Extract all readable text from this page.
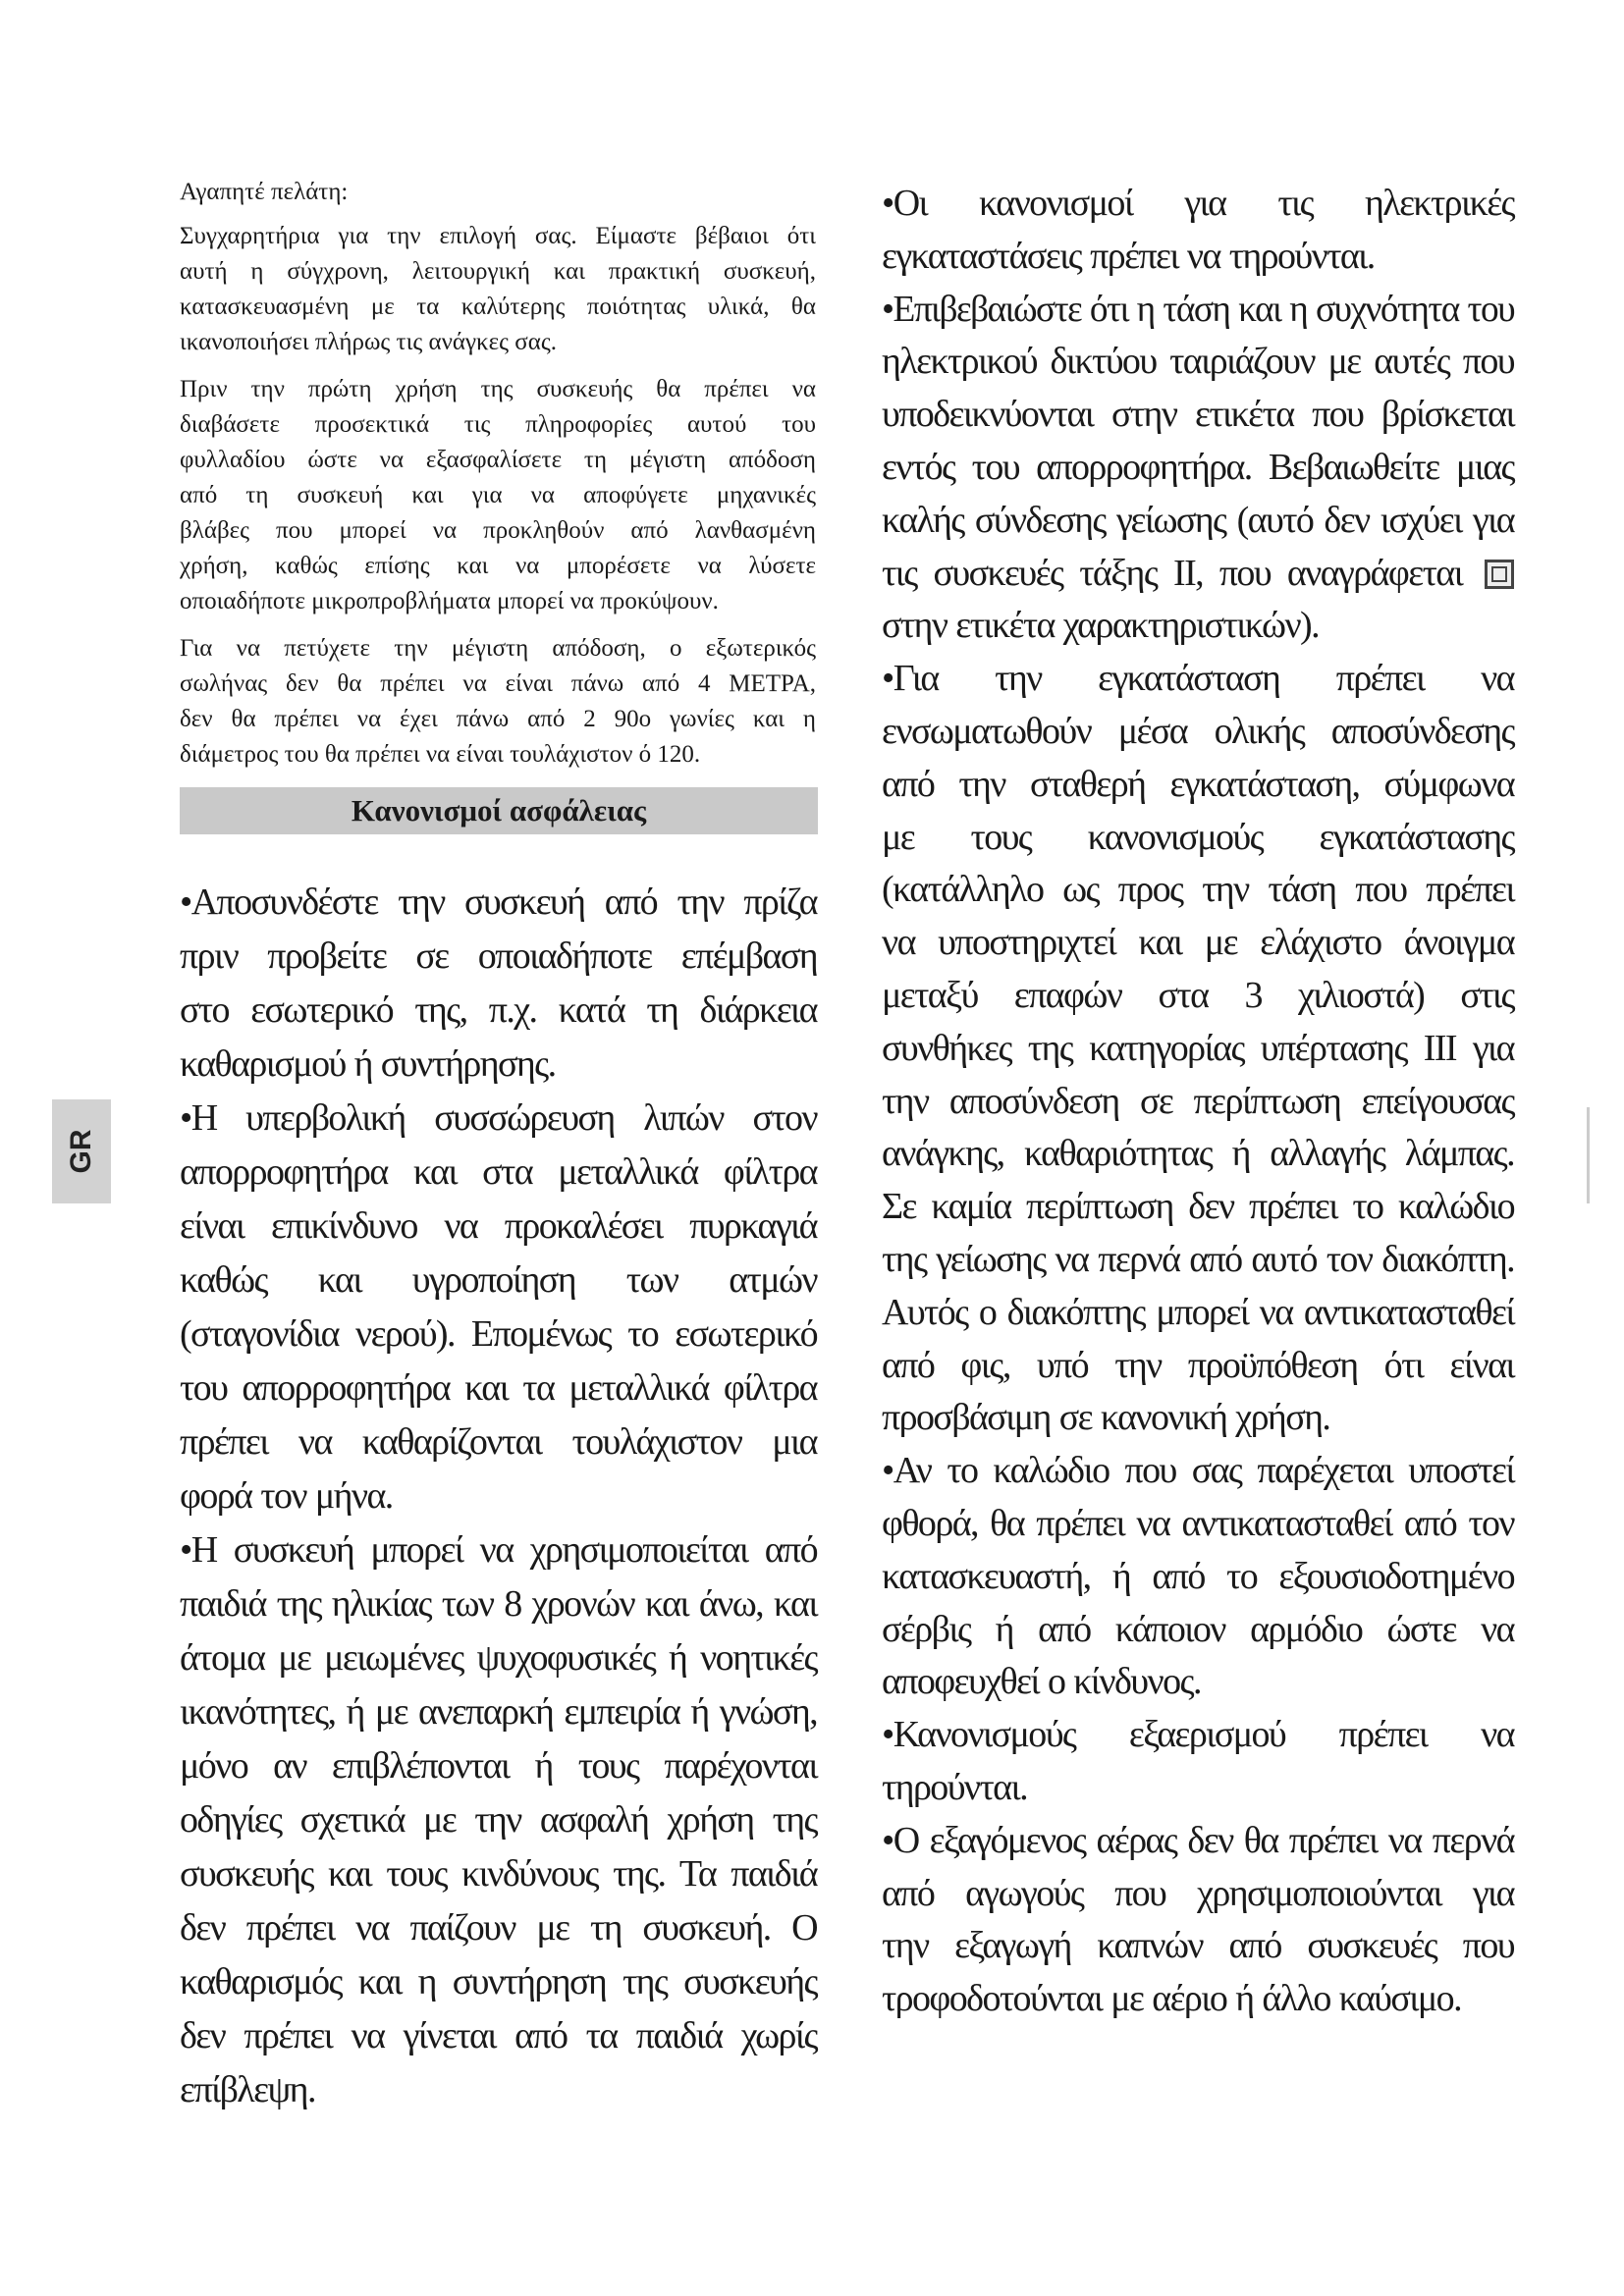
Αγαπητέ πελάτη:

Συγχαρητήρια για την επιλογή σας. Είμαστε βέβαιοι ότι
αυτή η σύγχρονη, λειτουργική και πρακτική συσκευή,
κατασκευασμένη με τα καλύτερης ποιότητας υλικά, θα
ικανοποιήσει πλήρως τις ανάγκες σας.

Πριν την πρώτη χρήση της συσκευής θα πρέπει να
διαβάσετε προσεκτικά τις πληροφορίες αυτού του
φυλλαδίου ώστε να εξασφαλίσετε τη μέγιστη απόδοση
από τη συσκευή και για να αποφύγετε μηχανικές
βλάβες που μπορεί να προκληθούν από λανθασμένη
χρήση, καθώς επίσης και να μπορέσετε να λύσετε
οποιαδήποτε μικροπροβλήματα μπορεί να προκύψουν.

Για να πετύχετε την μέγιστη απόδοση, ο εξωτερικός
σωλήνας δεν θα πρέπει να είναι πάνω από 4 ΜΕΤΡΑ,
δεν θα πρέπει να έχει πάνω από 2 90ο γωνίες και η
διάμετρος του θα πρέπει να είναι τουλάχιστον ό 120.

Κανονισμοί ασφάλειας
•Αποσυνδέστε την συσκευή από την πρίζα
πριν προβείτε σε οποιαδήποτε επέμβαση
στο εσωτερικό της, π.χ. κατά τη διάρκεια
καθαρισμού ή συντήρησης.
•Η υπερβολική συσσώρευση λιπών στον
απορροφητήρα και στα μεταλλικά φίλτρα
είναι επικίνδυνο να προκαλέσει πυρκαγιά
καθώς και υγροποίηση των ατμών
(σταγονίδια νερού). Επομένως το εσωτερικό
του απορροφητήρα και τα μεταλλικά φίλτρα
πρέπει να καθαρίζονται τουλάχιστον μια
φορά τον μήνα.
•Η συσκευή μπορεί να χρησιμοποιείται από
παιδιά της ηλικίας των 8 χρονών και άνω, και
άτομα με μειωμένες ψυχοφυσικές ή νοητικές
ικανότητες, ή με ανεπαρκή εμπειρία ή γνώση,
μόνο αν επιβλέπονται ή τους παρέχονται
οδηγίες σχετικά με την ασφαλή χρήση της
συσκευής και τους κινδύνους της. Τα παιδιά
δεν πρέπει να παίζουν με τη συσκευή. Ο
καθαρισμός και η συντήρηση της συσκευής
δεν πρέπει να γίνεται από τα παιδιά χωρίς
επίβλεψη.
•Οι κανονισμοί για τις ηλεκτρικές
εγκαταστάσεις πρέπει να τηρούνται.
•Επιβεβαιώστε ότι η τάση και η συχνότητα του
ηλεκτρικού δικτύου ταιριάζουν με αυτές που
υποδεικνύονται στην ετικέτα που βρίσκεται
εντός του απορροφητήρα. Βεβαιωθείτε μιας
καλής σύνδεσης γείωσης (αυτό δεν ισχύει για
τις συσκευές τάξης ΙΙ, που αναγράφεται
στην ετικέτα χαρακτηριστικών).
•Για την εγκατάσταση πρέπει να
ενσωματωθούν μέσα ολικής αποσύνδεσης
από την σταθερή εγκατάσταση, σύμφωνα
με τους κανονισμούς εγκατάστασης
(κατάλληλο ως προς την τάση που πρέπει
να υποστηριχτεί και με ελάχιστο άνοιγμα
μεταξύ επαφών στα 3 χιλιοστά) στις
συνθήκες της κατηγορίας υπέρτασης ΙΙΙ για
την αποσύνδεση σε περίπτωση επείγουσας
ανάγκης, καθαριότητας ή αλλαγής λάμπας.
Σε καμία περίπτωση δεν πρέπει το καλώδιο
της γείωσης να περνά από αυτό τον διακόπτη.
Αυτός ο διακόπτης μπορεί να αντικατασταθεί
από φις, υπό την προϋπόθεση ότι είναι
προσβάσιμη σε κανονική χρήση.
•Αν το καλώδιο που σας παρέχεται υποστεί
φθορά, θα πρέπει να αντικατασταθεί από τον
κατασκευαστή, ή από το εξουσιοδοτημένο
σέρβις ή από κάποιον αρμόδιο ώστε να
αποφευχθεί ο κίνδυνος.
•Κανονισμούς εξαερισμού πρέπει να
τηρούνται.
•Ο εξαγόμενος αέρας δεν θα πρέπει να περνά
από αγωγούς που χρησιμοποιούνται για
την εξαγωγή καπνών από συσκευές που
τροφοδοτούνται με αέριο ή άλλο καύσιμο.
GR
